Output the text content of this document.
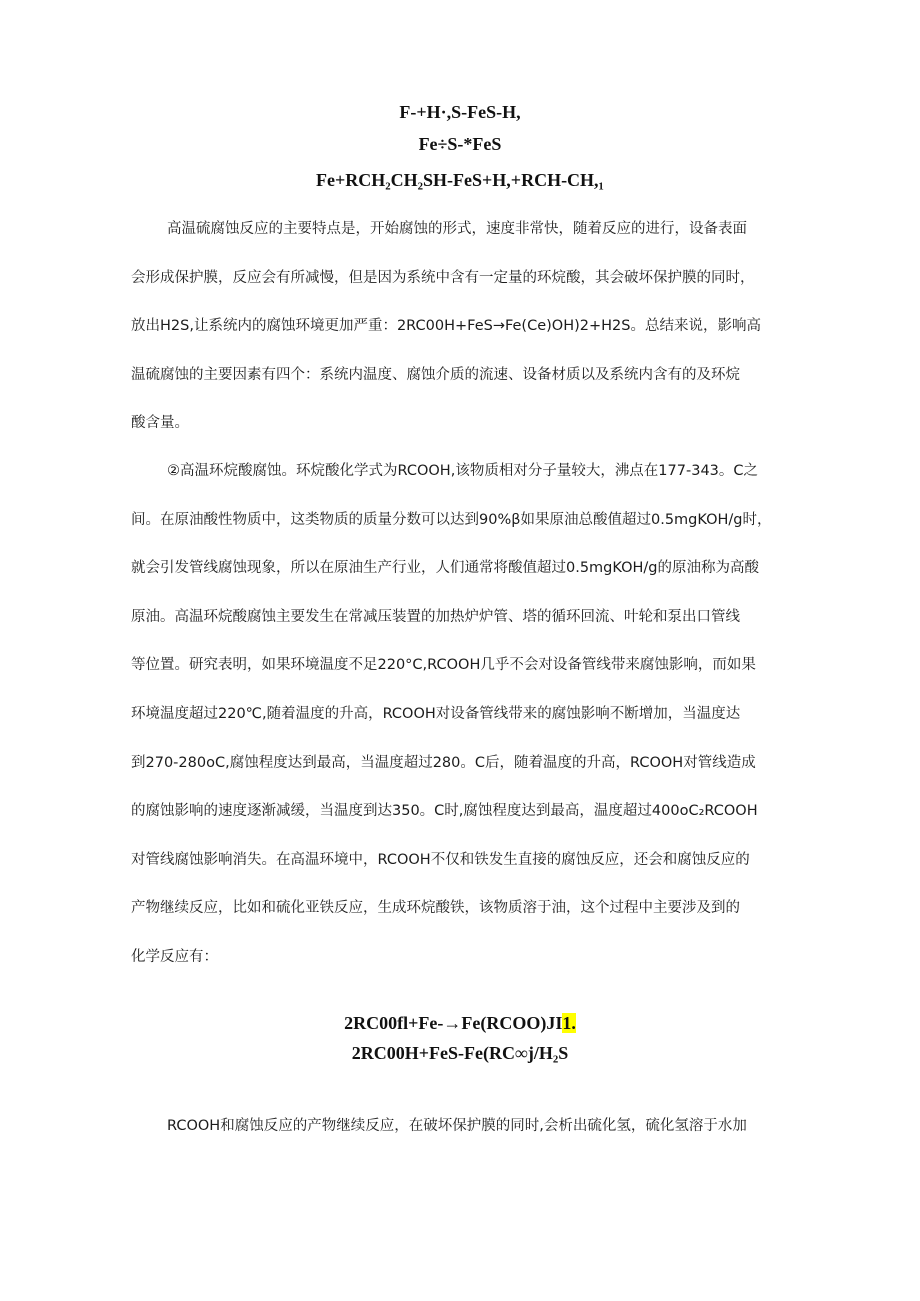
F-+H·,S-FeS-H,
Fe÷S-*FeS
Fe+RCH₂CH₂SH-FeS+H,+RCH-CH,₁
高温硫腐蚀反应的主要特点是，开始腐蚀的形式，速度非常快，随着反应的进行，设备表面
会形成保护膜，反应会有所减慢，但是因为系统中含有一定量的环烷酸，其会破坏保护膜的同时，
放出H2S,让系统内的腐蚀环境更加严重：2RC00H+FeS→Fe(Ce)OH)2+H2S。总结来说，影响高
温硫腐蚀的主要因素有四个：系统内温度、腐蚀介质的流速、设备材质以及系统内含有的及环烷
酸含量。
②高温环烷酸腐蚀。环烷酸化学式为RCOOH,该物质相对分子量较大，沸点在177-343。C之
间。在原油酸性物质中，这类物质的质量分数可以达到90%β如果原油总酸值超过0.5mgKOH∕g时，
就会引发管线腐蚀现象，所以在原油生产行业，人们通常将酸值超过0.5mgKOH∕g的原油称为高酸
原油。高温环烷酸腐蚀主要发生在常减压装置的加热炉炉管、塔的循环回流、叶轮和泵出口管线
等位置。研究表明，如果环境温度不足220°C,RCOOH几乎不会对设备管线带来腐蚀影响，而如果
环境温度超过220℃,随着温度的升高，RCOOH对设备管线带来的腐蚀影响不断增加，当温度达
到270-280oC,腐蚀程度达到最高，当温度超过280。C后，随着温度的升高，RCOOH对管线造成
的腐蚀影响的速度逐渐减缓，当温度到达350。C时,腐蚀程度达到最高，温度超过400oC₂RCOOH
对管线腐蚀影响消失。在高温环境中，RCOOH不仅和铁发生直接的腐蚀反应，还会和腐蚀反应的
产物继续反应，比如和硫化亚铁反应，生成环烷酸铁，该物质溶于油，这个过程中主要涉及到的
化学反应有：
2RC00fl+Fe-→Fe(RCOO)JI1.
2RC00H+FeS-Fe(RC∞j/H₂S
RCOOH和腐蚀反应的产物继续反应，在破坏保护膜的同时,会析出硫化氢，硫化氢溶于水加
